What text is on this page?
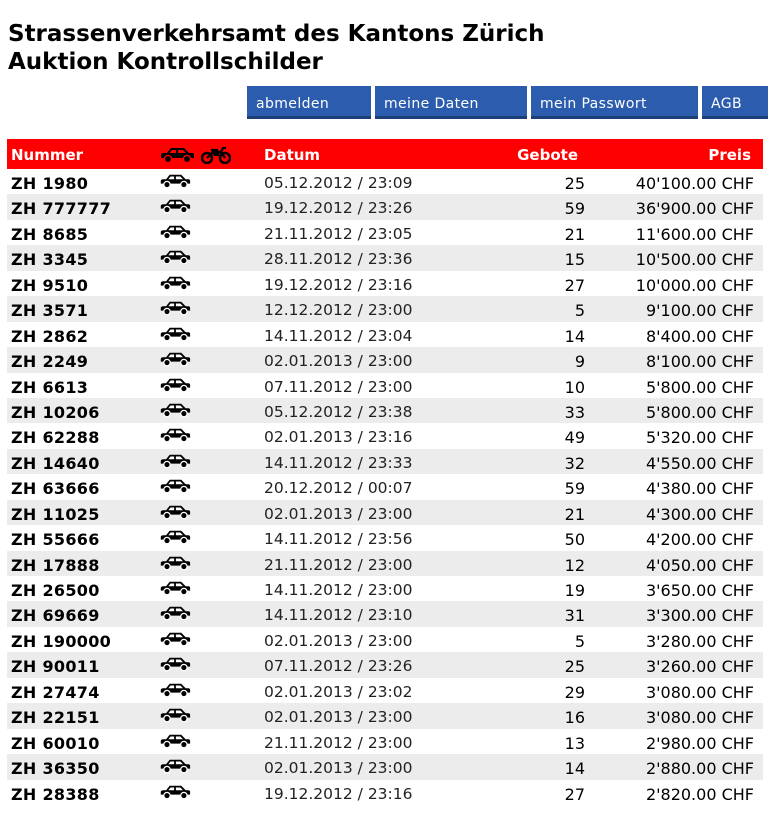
Strassenverkehrsamt des Kantons Zürich
Auktion Kontrollschilder
abmelden	meine Daten	mein Passwort	AGB
Nummer	Datum	Gebote	Preis
ZH 1980	05.12.2012 / 23:09	25	40'100.00 CHF
ZH 777777	19.12.2012 / 23:26	59	36'900.00 CHF
ZH 8685	21.11.2012 / 23:05	21	11'600.00 CHF
ZH 3345	28.11.2012 / 23:36	15	10'500.00 CHF
ZH 9510	19.12.2012 / 23:16	27	10'000.00 CHF
ZH 3571	12.12.2012 / 23:00	5	9'100.00 CHF
ZH 2862	14.11.2012 / 23:04	14	8'400.00 CHF
ZH 2249	02.01.2013 / 23:00	9	8'100.00 CHF
ZH 6613	07.11.2012 / 23:00	10	5'800.00 CHF
ZH 10206	05.12.2012 / 23:38	33	5'800.00 CHF
ZH 62288	02.01.2013 / 23:16	49	5'320.00 CHF
ZH 14640	14.11.2012 / 23:33	32	4'550.00 CHF
ZH 63666	20.12.2012 / 00:07	59	4'380.00 CHF
ZH 11025	02.01.2013 / 23:00	21	4'300.00 CHF
ZH 55666	14.11.2012 / 23:56	50	4'200.00 CHF
ZH 17888	21.11.2012 / 23:00	12	4'050.00 CHF
ZH 26500	14.11.2012 / 23:00	19	3'650.00 CHF
ZH 69669	14.11.2012 / 23:10	31	3'300.00 CHF
ZH 190000	02.01.2013 / 23:00	5	3'280.00 CHF
ZH 90011	07.11.2012 / 23:26	25	3'260.00 CHF
ZH 27474	02.01.2013 / 23:02	29	3'080.00 CHF
ZH 22151	02.01.2013 / 23:00	16	3'080.00 CHF
ZH 60010	21.11.2012 / 23:00	13	2'980.00 CHF
ZH 36350	02.01.2013 / 23:00	14	2'880.00 CHF
ZH 28388	19.12.2012 / 23:16	27	2'820.00 CHF
